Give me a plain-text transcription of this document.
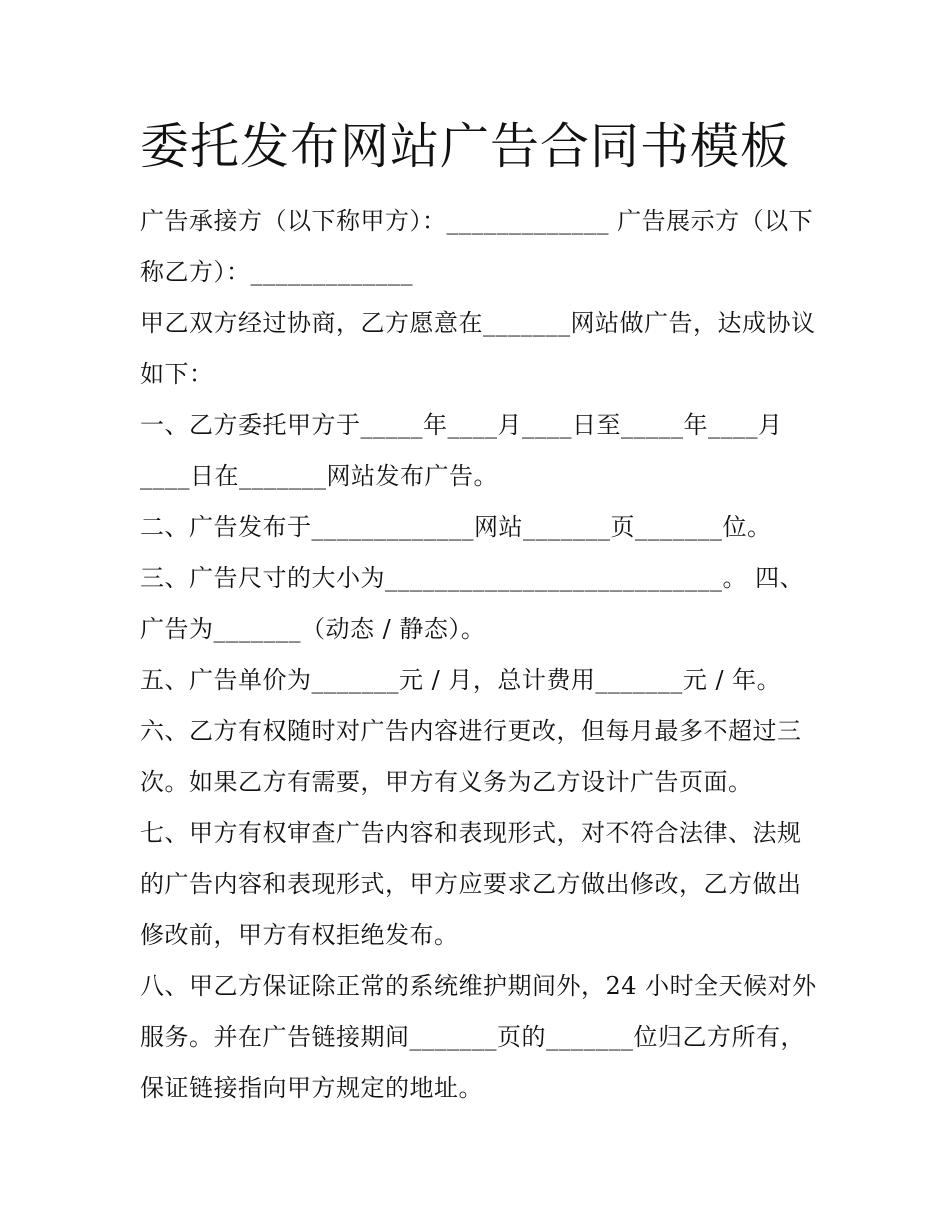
委托发布网站广告合同书模板

广告承接方（以下称甲方）：_____________ 广告展示方（以下称乙方）：_____________

甲乙双方经过协商，乙方愿意在_______网站做广告，达成协议如下：

一、乙方委托甲方于_____年____月____日至_____年____月____日在_______网站发布广告。

二、广告发布于_____________网站_______页_______位。

三、广告尺寸的大小为___________________________。 四、广告为_______（动态 / 静态）。

五、广告单价为_______元 / 月，总计费用_______元 / 年。

六、乙方有权随时对广告内容进行更改，但每月最多不超过三次。如果乙方有需要，甲方有义务为乙方设计广告页面。

七、甲方有权审查广告内容和表现形式，对不符合法律、法规的广告内容和表现形式，甲方应要求乙方做出修改，乙方做出修改前，甲方有权拒绝发布。

八、甲乙方保证除正常的系统维护期间外，24 小时全天候对外服务。并在广告链接期间_______页的_______位归乙方所有，保证链接指向甲方规定的地址。
